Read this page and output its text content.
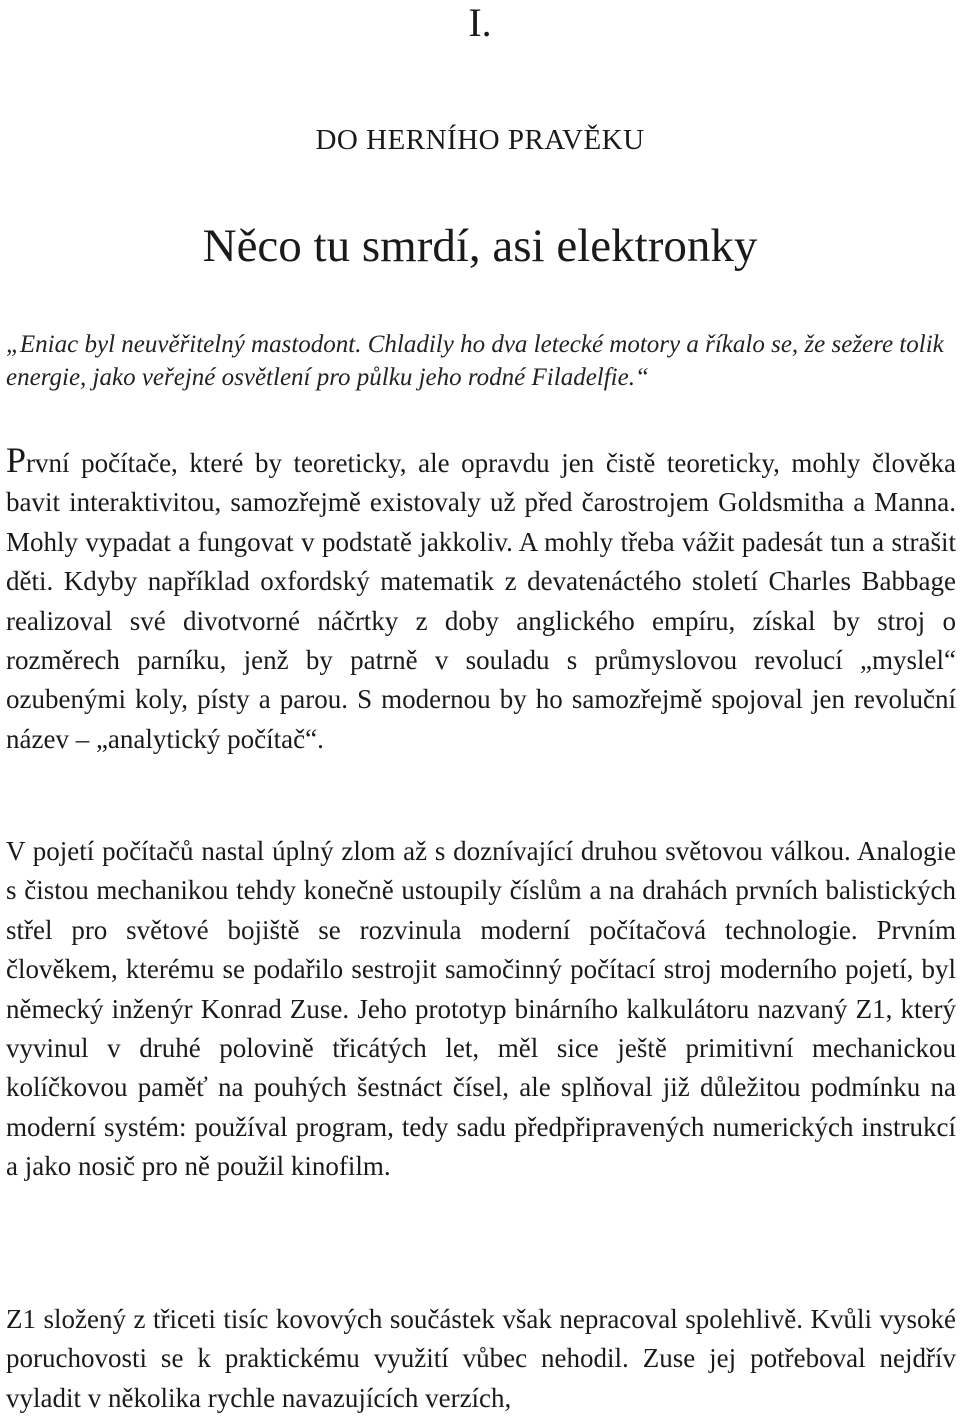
I.
DO HERNÍHO PRAVĚKU
Něco tu smrdí, asi elektronky

„Eniac byl neuvěřitelný mastodont. Chladily ho dva letecké motory a říkalo se, že sežere tolik energie, jako veřejné osvětlení pro půlku jeho rodné Filadelfie.“

První počítače, které by teoreticky, ale opravdu jen čistě teoreticky, mohly člověka bavit interaktivitou, samozřejmě existovaly už před čarostrojem Goldsmitha a Manna. Mohly vypadat a fungovat v podstatě jakkoliv. A mohly třeba vážit padesát tun a strašit děti. Kdyby například oxfordský matematik z devatenáctého století Charles Babbage realizoval své divotvorné náčrtky z doby anglického empíru, získal by stroj o rozměrech parníku, jenž by patrně v souladu s průmyslovou revolucí „myslel“ ozubenými koly, písty a parou. S modernou by ho samozřejmě spojoval jen revoluční název – „analytický počítač“.

V pojetí počítačů nastal úplný zlom až s doznívající druhou světovou válkou. Analogie s čistou mechanikou tehdy konečně ustoupily číslům a na drahách prvních balistických střel pro světové bojiště se rozvinula moderní počítačová technologie. Prvním člověkem, kterému se podařilo sestrojit samočinný počítací stroj moderního pojetí, byl německý inženýr Konrad Zuse. Jeho prototyp binárního kalkulátoru nazvaný Z1, který vyvinul v druhé polovině třicátých let, měl sice ještě primitivní mechanickou kolíčkovou paměť na pouhých šestnáct čísel, ale splňoval již důležitou podmínku na moderní systém: používal program, tedy sadu předpřipravených numerických instrukcí a jako nosič pro ně použil kinofilm.

Z1 složený z třiceti tisíc kovových součástek však nepracoval spolehlivě. Kvůli vysoké poruchovosti se k praktickému využití vůbec nehodil. Zuse jej potřeboval nejdřív vyladit v několika rychle navazujících verzích,
